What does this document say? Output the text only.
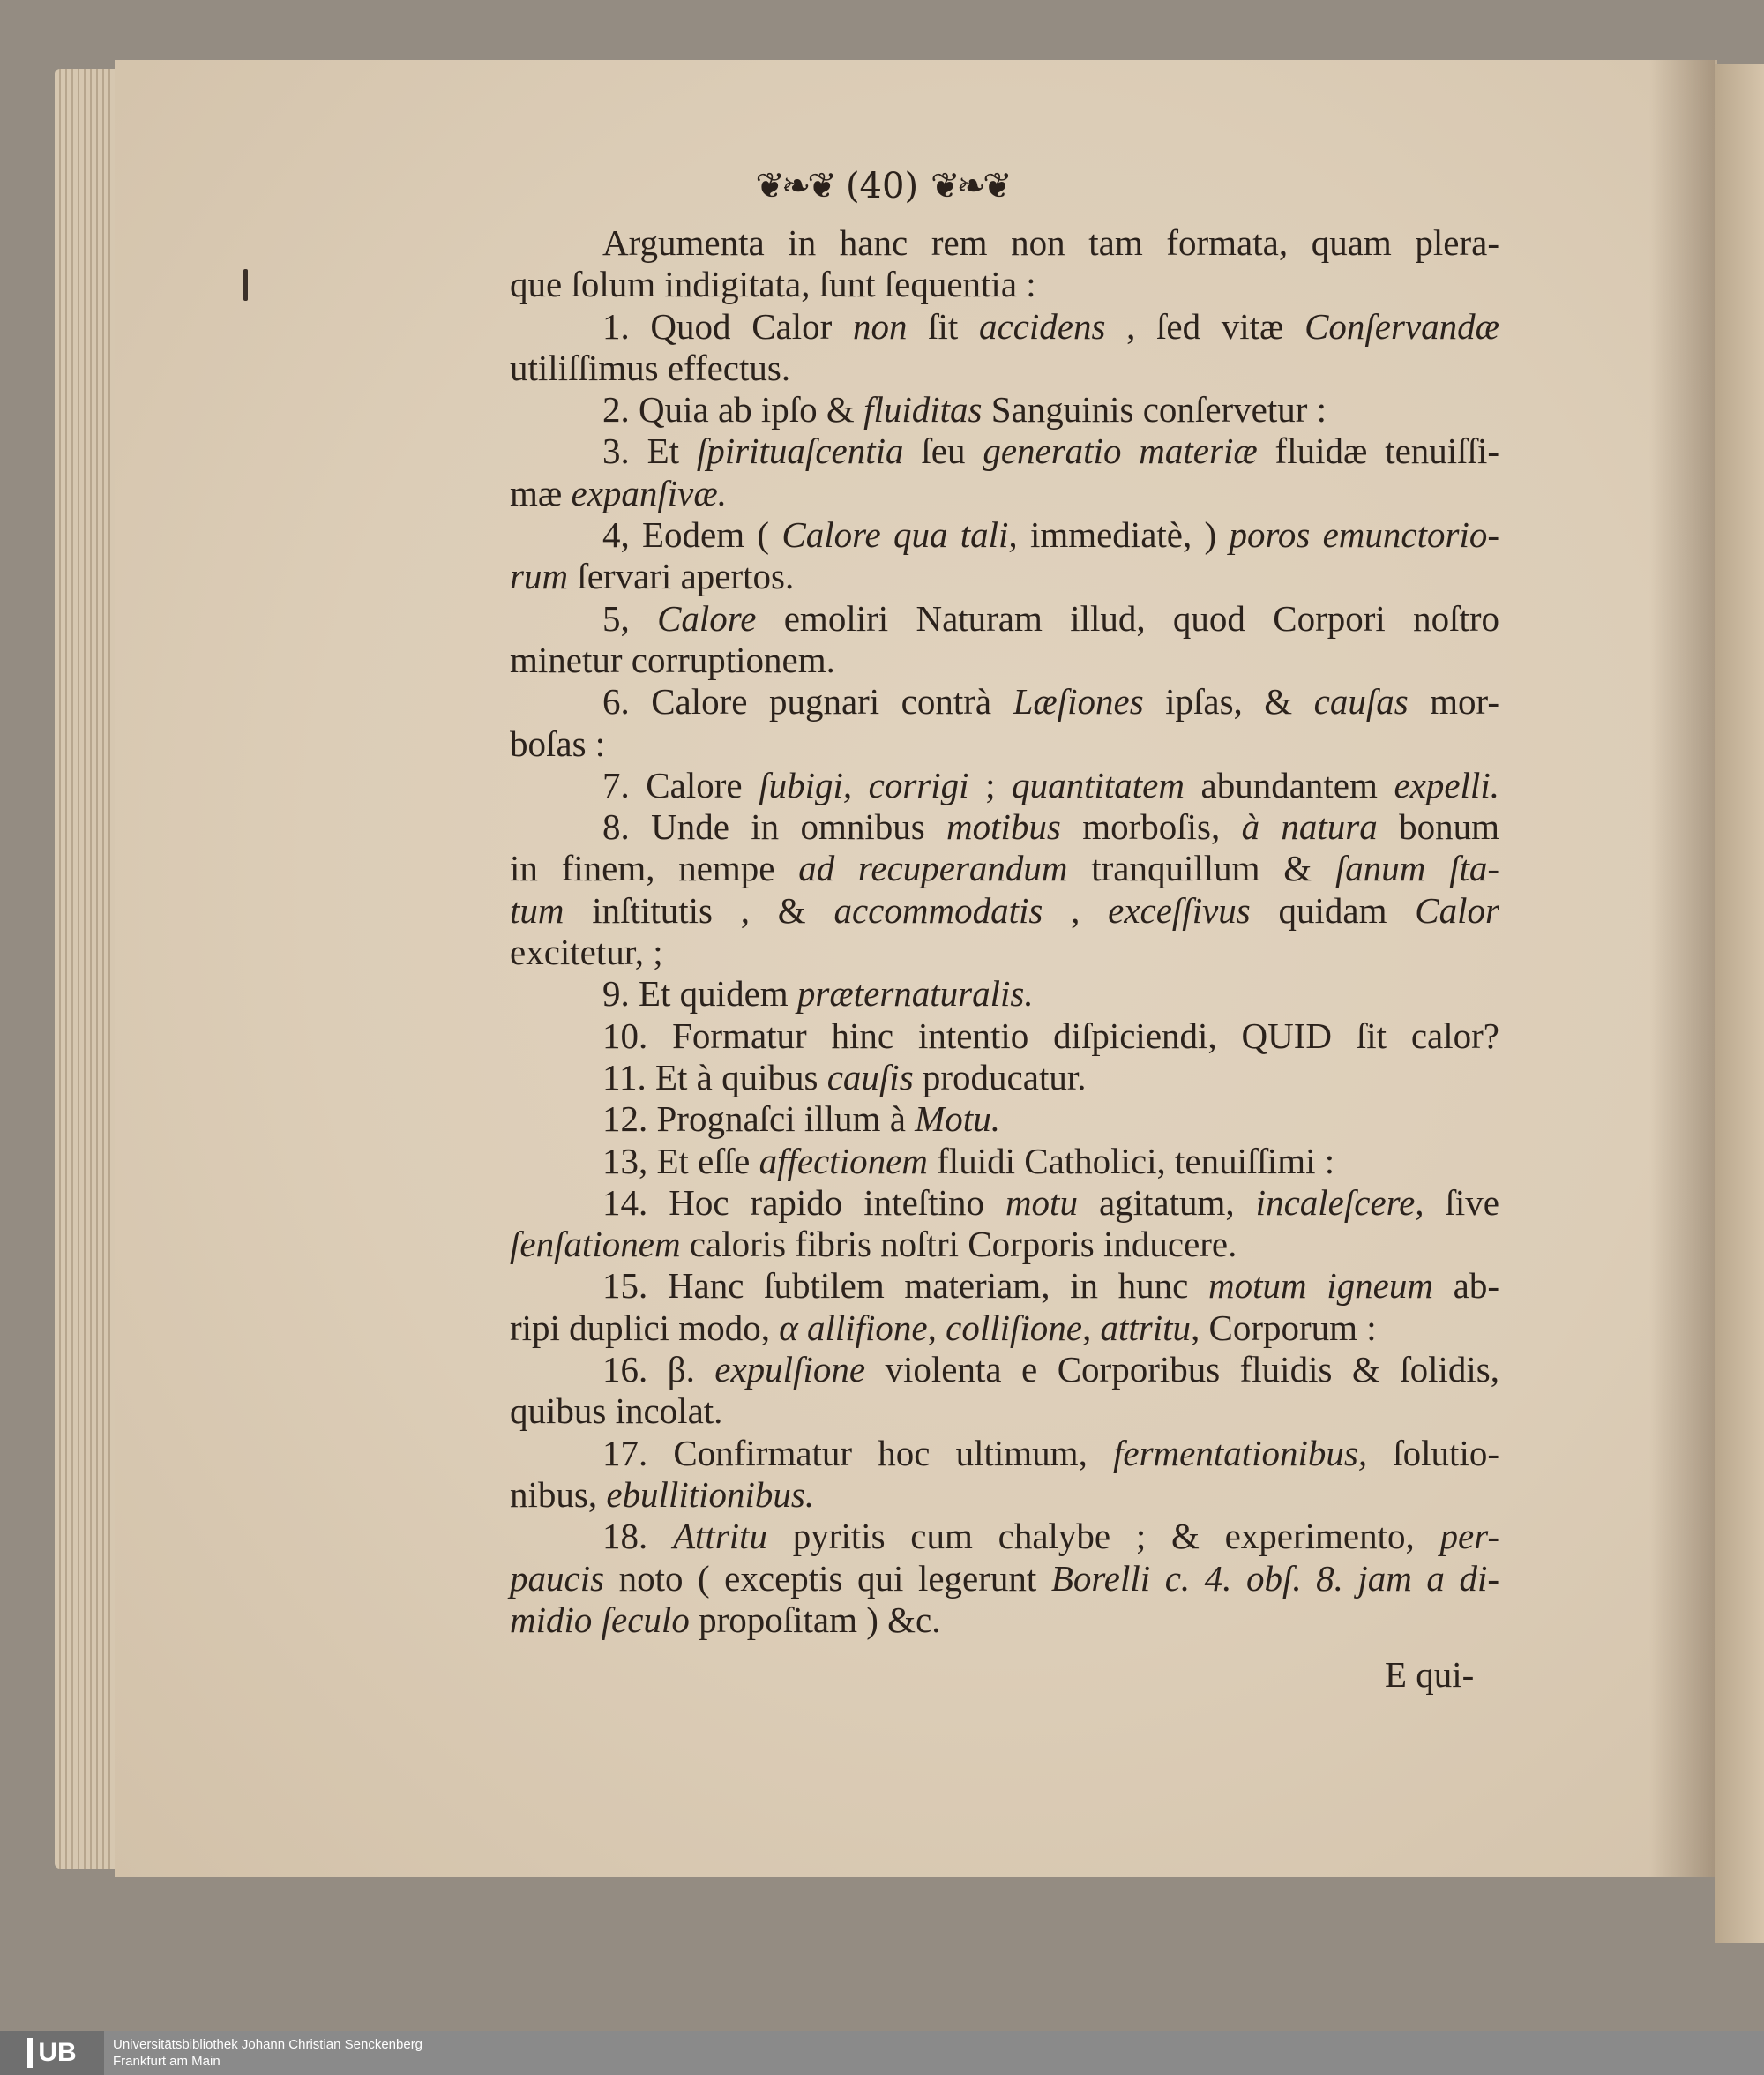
❦❧❦ (40) ❦❧❦
Argumenta in hanc rem non tam formata, quam plera-
que ſolum indigitata, ſunt ſequentia :
1. Quod Calor non ſit accidens , ſed vitæ Conſervandæ
utiliſſimus effectus.
2. Quia ab ipſo & fluiditas Sanguinis conſervetur :
3. Et ſpirituaſcentia ſeu generatio materiæ fluidæ tenuiſſi-
mæ expanſivæ.
4, Eodem ( Calore qua tali, immediatè, ) poros emunctorio-
rum ſervari apertos.
5, Calore emoliri Naturam illud, quod Corpori noſtro
minetur corruptionem.
6. Calore pugnari contrà Læſiones ipſas, & cauſas mor-
boſas :
7. Calore ſubigi, corrigi ; quantitatem abundantem expelli.
8. Unde in omnibus motibus morboſis, à natura bonum
in finem, nempe ad recuperandum tranquillum & ſanum ſta-
tum inſtitutis , & accommodatis , exceſſivus quidam Calor
excitetur, ;
9. Et quidem præternaturalis.
10. Formatur hinc intentio diſpiciendi, QUID ſit calor?
11. Et à quibus cauſis producatur.
12. Prognaſci illum à Motu.
13, Et eſſe affectionem fluidi Catholici, tenuiſſimi :
14. Hoc rapido inteſtino motu agitatum, incaleſcere, ſive
ſenſationem caloris fibris noſtri Corporis inducere.
15. Hanc ſubtilem materiam, in hunc motum igneum ab-
ripi duplici modo, α allifione, colliſione, attritu, Corporum :
16. β. expulſione violenta e Corporibus fluidis & ſolidis,
quibus incolat.
17. Confirmatur hoc ultimum, fermentationibus, ſolutio-
nibus, ebullitionibus.
18. Attritu pyritis cum chalybe ; & experimento, per-
paucis noto ( exceptis qui legerunt Borelli c. 4. obſ. 8. jam a di-
midio ſeculo propoſitam ) &c.
E qui-
UB	Universitätsbibliothek Johann Christian Senckenberg
Frankfurt am Main
